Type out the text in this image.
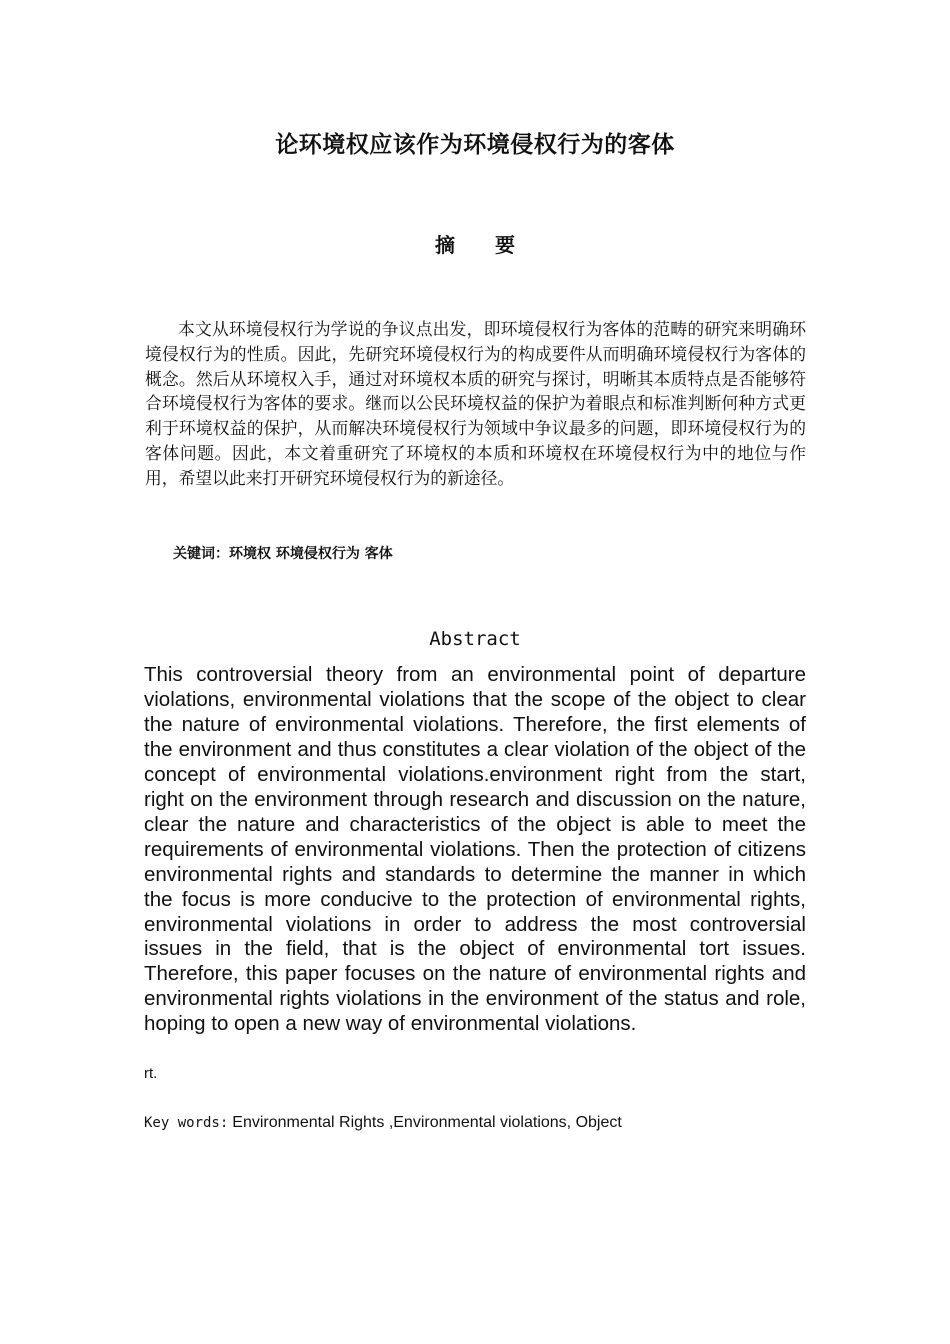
论环境权应该作为环境侵权行为的客体
摘要

本文从环境侵权行为学说的争议点出发，即环境侵权行为客体的范畴的研究来明确环境侵权行为的性质。因此，先研究环境侵权行为的构成要件从而明确环境侵权行为客体的概念。然后从环境权入手，通过对环境权本质的研究与探讨，明晰其本质特点是否能够符合环境侵权行为客体的要求。继而以公民环境权益的保护为着眼点和标准判断何种方式更利于环境权益的保护，从而解决环境侵权行为领域中争议最多的问题，即环境侵权行为的客体问题。因此，本文着重研究了环境权的本质和环境权在环境侵权行为中的地位与作用，希望以此来打开研究环境侵权行为的新途径。

关键词：环境权 环境侵权行为 客体
Abstract

This controversial theory from an environmental point of departure violations, environmental violations that the scope of the object to clear the nature of environmental violations. Therefore, the first elements of the environment and thus constitutes a clear violation of the object of the concept of environmental violations.environment right from the start, right on the environment through research and discussion on the nature, clear the nature and characteristics of the object is able to meet the requirements of environmental violations. Then the protection of citizens environmental rights and standards to determine the manner in which the focus is more conducive to the protection of environmental rights, environmental violations in order to address the most controversial issues in the field, that is the object of environmental tort issues. Therefore, this paper focuses on the nature of environmental rights and environmental rights violations in the environment of the status and role, hoping to open a new way of environmental violations.

rt.
Key words: Environmental Rights ,Environmental violations, Object
